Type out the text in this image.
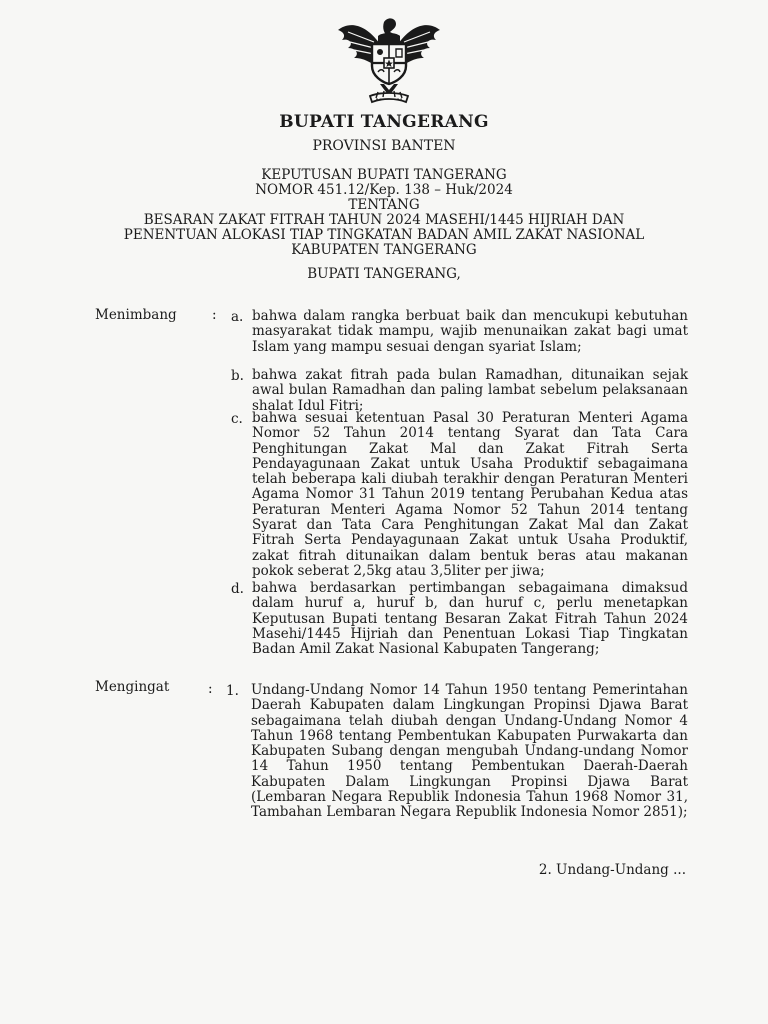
BUPATI TANGERANG
PROVINSI BANTEN
KEPUTUSAN BUPATI TANGERANG
NOMOR 451.12/Kep. 138 – Huk/2024
TENTANG
BESARAN ZAKAT FITRAH TAHUN 2024 MASEHI/1445 HIJRIAH DAN
PENENTUAN ALOKASI TIAP TINGKATAN BADAN AMIL ZAKAT NASIONAL
KABUPATEN TANGERANG
BUPATI TANGERANG,
Menimbang	: a. bahwa dalam rangka berbuat baik dan mencukupi kebutuhan masyarakat tidak mampu, wajib menunaikan zakat bagi umat Islam yang mampu sesuai dengan syariat Islam;

b. bahwa zakat fitrah pada bulan Ramadhan, ditunaikan sejak awal bulan Ramadhan dan paling lambat sebelum pelaksanaan shalat Idul Fitri;

c. bahwa sesuai ketentuan Pasal 30 Peraturan Menteri Agama Nomor 52 Tahun 2014 tentang Syarat dan Tata Cara Penghitungan Zakat Mal dan Zakat Fitrah Serta Pendayagunaan Zakat untuk Usaha Produktif sebagaimana telah beberapa kali diubah terakhir dengan Peraturan Menteri Agama Nomor 31 Tahun 2019 tentang Perubahan Kedua atas Peraturan Menteri Agama Nomor 52 Tahun 2014 tentang Syarat dan Tata Cara Penghitungan Zakat Mal dan Zakat Fitrah Serta Pendayagunaan Zakat untuk Usaha Produktif, zakat fitrah ditunaikan dalam bentuk beras atau makanan pokok seberat 2,5kg atau 3,5liter per jiwa;

d. bahwa berdasarkan pertimbangan sebagaimana dimaksud dalam huruf a, huruf b, dan huruf c, perlu menetapkan Keputusan Bupati tentang Besaran Zakat Fitrah Tahun 2024 Masehi/1445 Hijriah dan Penentuan Lokasi Tiap Tingkatan Badan Amil Zakat Nasional Kabupaten Tangerang;

Mengingat	: 1. Undang-Undang Nomor 14 Tahun 1950 tentang Pemerintahan Daerah Kabupaten dalam Lingkungan Propinsi Djawa Barat sebagaimana telah diubah dengan Undang-Undang Nomor 4 Tahun 1968 tentang Pembentukan Kabupaten Purwakarta dan Kabupaten Subang dengan mengubah Undang-undang Nomor 14 Tahun 1950 tentang Pembentukan Daerah-Daerah Kabupaten Dalam Lingkungan Propinsi Djawa Barat (Lembaran Negara Republik Indonesia Tahun 1968 Nomor 31, Tambahan Lembaran Negara Republik Indonesia Nomor 2851);

2. Undang-Undang ...
